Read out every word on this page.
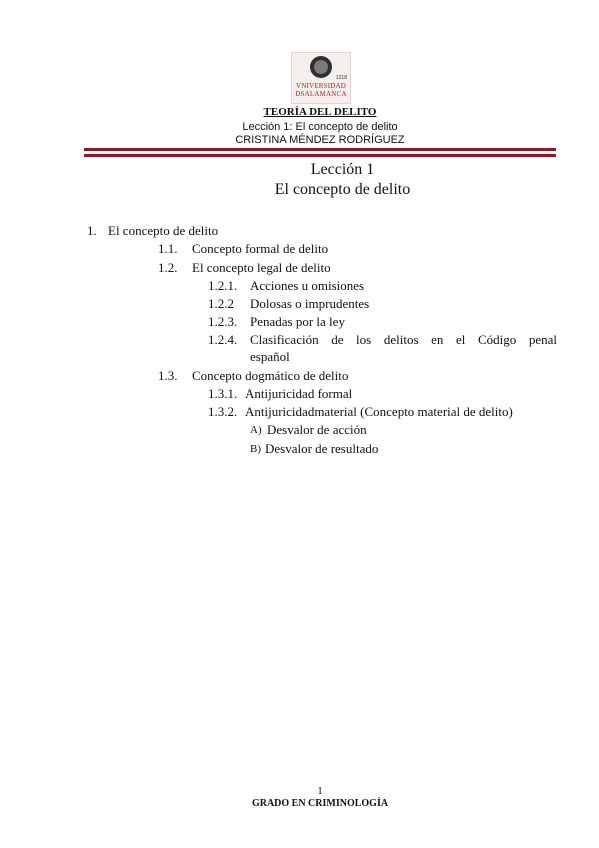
1218
VNIVERSIDAD
DSALAMANCA
TEORÍA DEL DELITO
Lección 1: El concepto de delito
CRISTINA MÉNDEZ RODRÍGUEZ
Lección 1
El concepto de delito
1. El concepto de delito
1.1. Concepto formal de delito
1.2. El concepto legal de delito
1.2.1. Acciones u omisiones
1.2.2 Dolosas o imprudentes
1.2.3. Penadas por la ley
1.2.4. Clasificación de los delitos en el Código penal
español
1.3. Concepto dogmático de delito
1.3.1. Antijuricidad formal
1.3.2. Antijuricidadmaterial (Concepto material de delito)
A) Desvalor de acción
B) Desvalor de resultado
1
GRADO EN CRIMINOLOGÍA
